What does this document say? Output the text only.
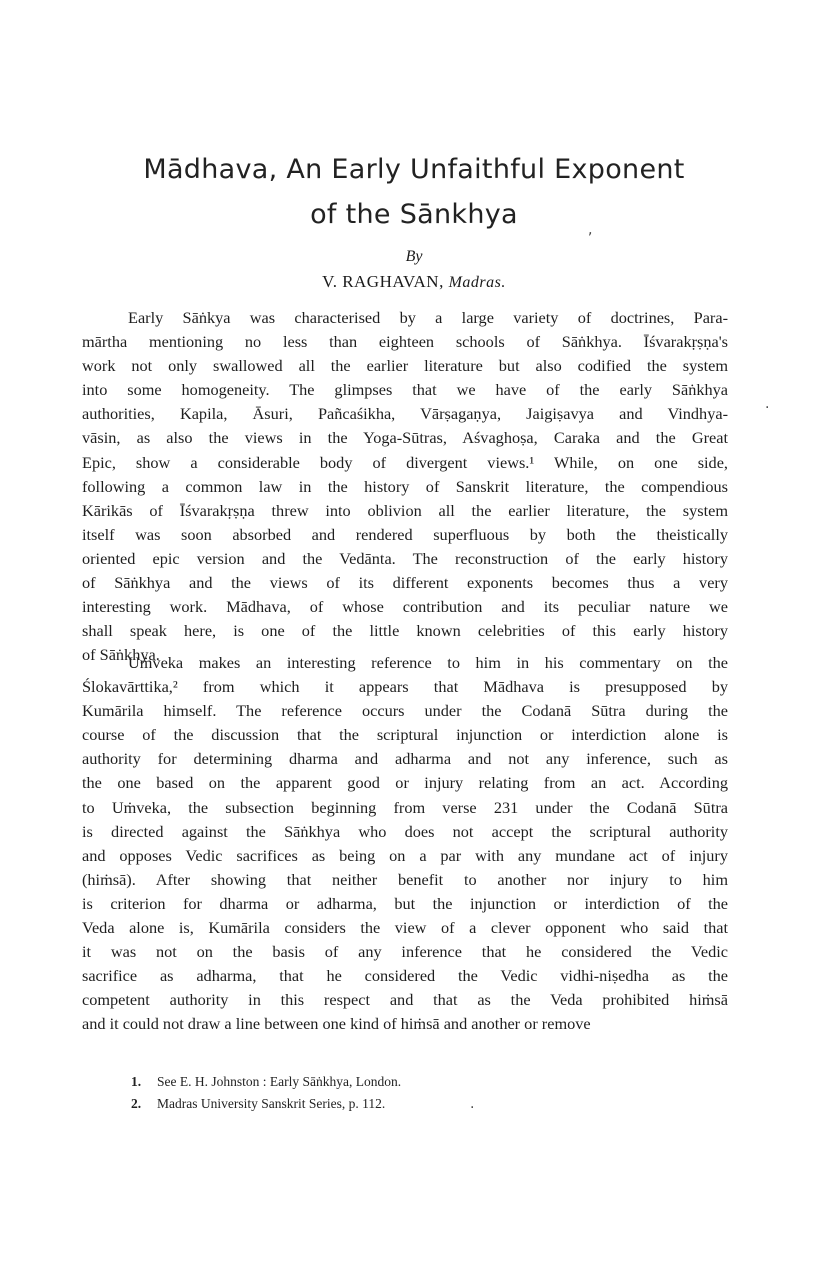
Mādhava, An Early Unfaithful Exponent
of the Sānkhya
By
V. RAGHAVAN, Madras.
Early Sāṅkya was characterised by a large variety of doctrines, Para-
mārtha mentioning no less than eighteen schools of Sāṅkhya. Īśvarakṛṣṇa's
work not only swallowed all the earlier literature but also codified the system
into some homogeneity. The glimpses that we have of the early Sāṅkhya
authorities, Kapila, Āsuri, Pañcaśikha, Vārṣagaṇya, Jaigiṣavya and Vindhya-
vāsin, as also the views in the Yoga-Sūtras, Aśvaghoṣa, Caraka and the Great
Epic, show a considerable body of divergent views.¹ While, on one side,
following a common law in the history of Sanskrit literature, the compendious
Kārikās of Īśvarakṛṣṇa threw into oblivion all the earlier literature, the system
itself was soon absorbed and rendered superfluous by both the theistically
oriented epic version and the Vedānta. The reconstruction of the early history
of Sāṅkhya and the views of its different exponents becomes thus a very
interesting work. Mādhava, of whose contribution and its peculiar nature we
shall speak here, is one of the little known celebrities of this early history
of Sāṅkhya.
Uṁveka makes an interesting reference to him in his commentary on the
Ślokavārttika,² from which it appears that Mādhava is presupposed by
Kumārila himself. The reference occurs under the Codanā Sūtra during the
course of the discussion that the scriptural injunction or interdiction alone is
authority for determining dharma and adharma and not any inference, such as
the one based on the apparent good or injury relating from an act. According
to Uṁveka, the subsection beginning from verse 231 under the Codanā Sūtra
is directed against the Sāṅkhya who does not accept the scriptural authority
and opposes Vedic sacrifices as being on a par with any mundane act of injury
(hiṁsā). After showing that neither benefit to another nor injury to him
is criterion for dharma or adharma, but the injunction or interdiction of the
Veda alone is, Kumārila considers the view of a clever opponent who said that
it was not on the basis of any inference that he considered the Vedic
sacrifice as adharma, that he considered the Vedic vidhi-niṣedha as the
competent authority in this respect and that as the Veda prohibited hiṁsā
and it could not draw a line between one kind of hiṁsā and another or remove
1. See E. H. Johnston : Early Sāṅkhya, London.
2. Madras University Sanskrit Series, p. 112.
,
·
.
